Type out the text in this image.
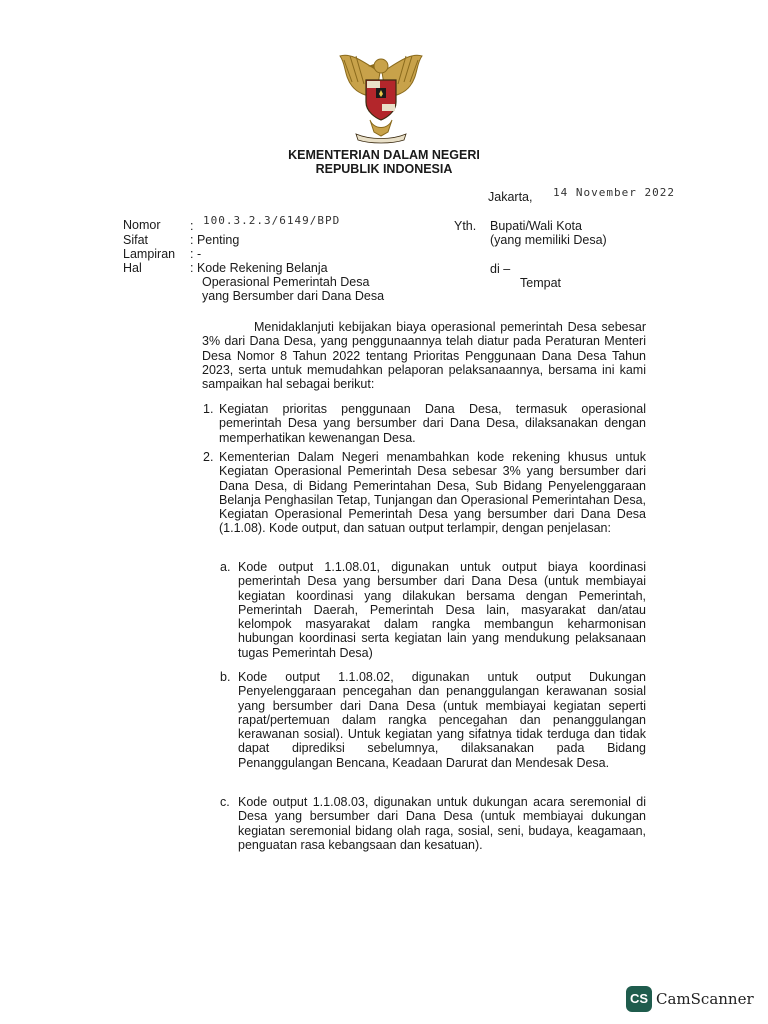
KEMENTERIAN DALAM NEGERI
REPUBLIK INDONESIA
Jakarta, 14 November 2022
Nomor : 100.3.2.3/6149/BPD
Sifat	: Penting
Lampiran : -
Hal	: Kode Rekening Belanja
Operasional Pemerintah Desa
yang Bersumber dari Dana Desa
Yth. Bupati/Wali Kota
(yang memiliki Desa)
di –
Tempat
Menidaklanjuti kebijakan biaya operasional pemerintah Desa sebesar 3% dari Dana Desa, yang penggunaannya telah diatur pada Peraturan Menteri Desa Nomor 8 Tahun 2022 tentang Prioritas Penggunaan Dana Desa Tahun 2023, serta untuk memudahkan pelaporan pelaksanaannya, bersama ini kami sampaikan hal sebagai berikut:
1. Kegiatan prioritas penggunaan Dana Desa, termasuk operasional pemerintah Desa yang bersumber dari Dana Desa, dilaksanakan dengan memperhatikan kewenangan Desa.
2. Kementerian Dalam Negeri menambahkan kode rekening khusus untuk Kegiatan Operasional Pemerintah Desa sebesar 3% yang bersumber dari Dana Desa, di Bidang Pemerintahan Desa, Sub Bidang Penyelenggaraan Belanja Penghasilan Tetap, Tunjangan dan Operasional Pemerintahan Desa, Kegiatan Operasional Pemerintah Desa yang bersumber dari Dana Desa (1.1.08). Kode output, dan satuan output terlampir, dengan penjelasan:
a. Kode output 1.1.08.01, digunakan untuk output biaya koordinasi pemerintah Desa yang bersumber dari Dana Desa (untuk membiayai kegiatan koordinasi yang dilakukan bersama dengan Pemerintah, Pemerintah Daerah, Pemerintah Desa lain, masyarakat dan/atau kelompok masyarakat dalam rangka membangun keharmonisan hubungan koordinasi serta kegiatan lain yang mendukung pelaksanaan tugas Pemerintah Desa)
b. Kode output 1.1.08.02, digunakan untuk output Dukungan Penyelenggaraan pencegahan dan penanggulangan kerawanan sosial yang bersumber dari Dana Desa (untuk membiayai kegiatan seperti rapat/pertemuan dalam rangka pencegahan dan penanggulangan kerawanan sosial). Untuk kegiatan yang sifatnya tidak terduga dan tidak dapat diprediksi sebelumnya, dilaksanakan pada Bidang Penanggulangan Bencana, Keadaan Darurat dan Mendesak Desa.
c. Kode output 1.1.08.03, digunakan untuk dukungan acara seremonial di Desa yang bersumber dari Dana Desa (untuk membiayai dukungan kegiatan seremonial bidang olah raga, sosial, seni, budaya, keagamaan, penguatan rasa kebangsaan dan kesatuan).
CS CamScanner
